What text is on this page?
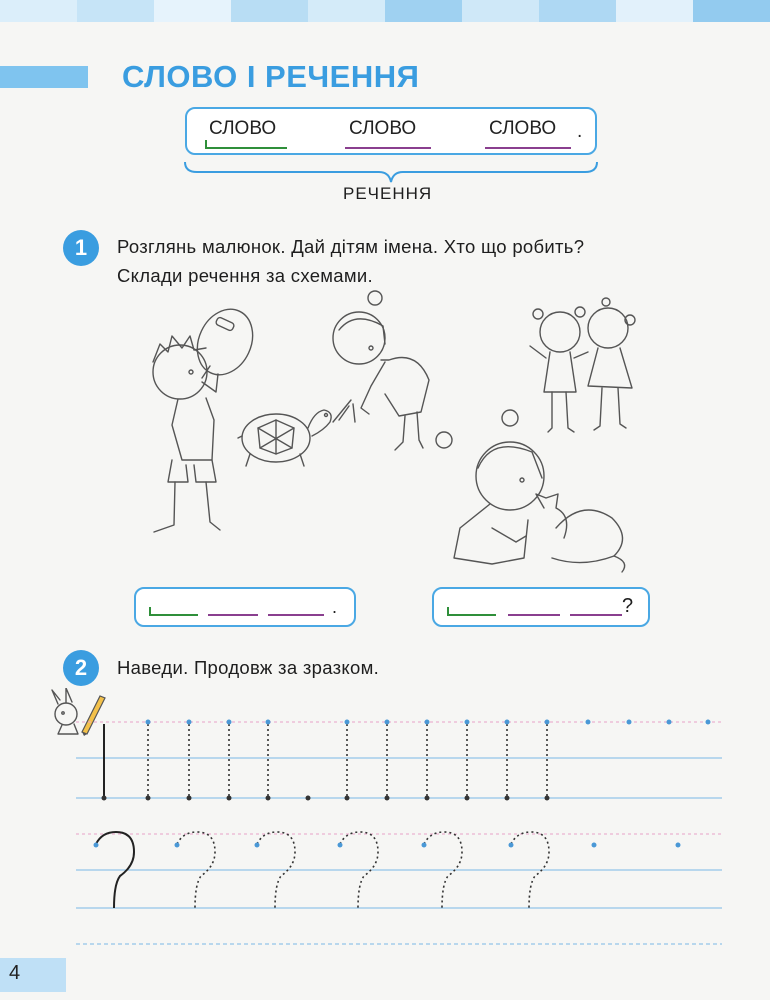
СЛОВО І РЕЧЕННЯ
СЛОВО	СЛОВО	СЛОВО .
РЕЧЕННЯ
1	Розглянь малюнок. Дай дітям імена. Хто що робить?
Склади речення за схемами.
.	?
2	Наведи. Продовж за зразком.
4
